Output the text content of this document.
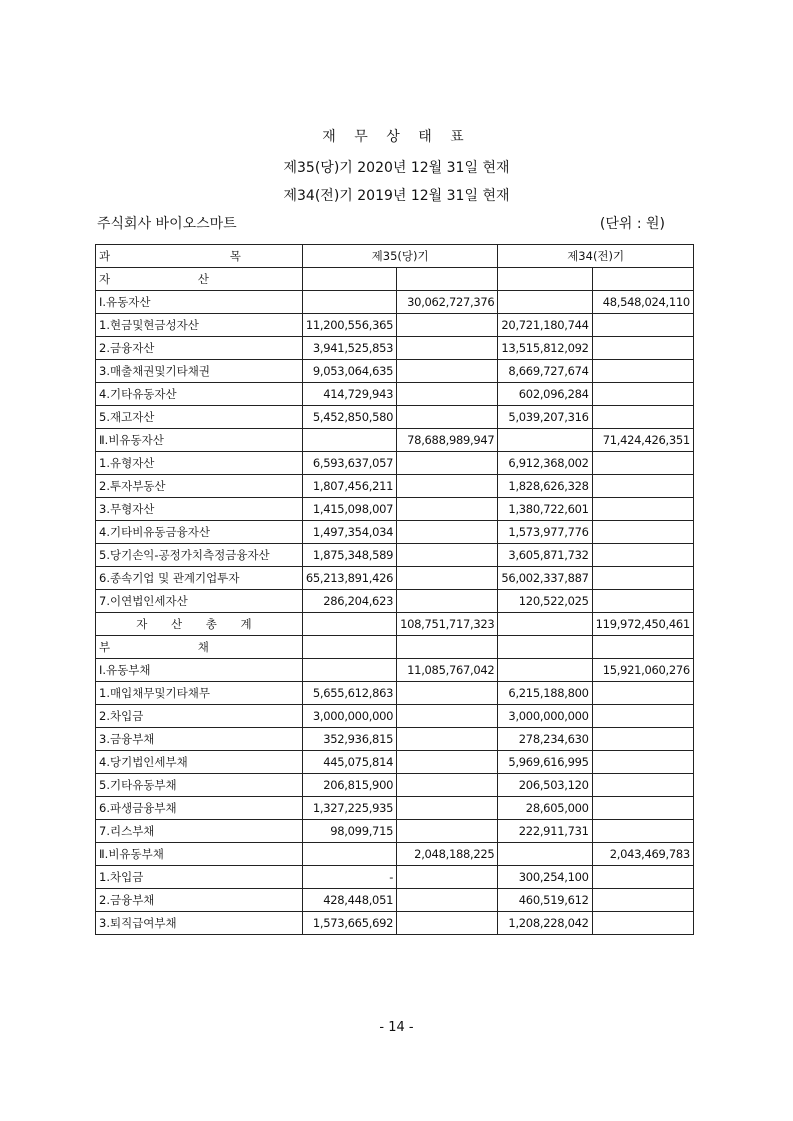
재 무 상 태 표
제35(당)기 2020년 12월 31일 현재
제34(전)기 2019년 12월 31일 현재
주식회사 바이오스마트	(단위 : 원)
과 목	제35(당)기		제34(전)기	
자 산				
Ⅰ.유동자산		30,062,727,376		48,548,024,110
1.현금및현금성자산	11,200,556,365		20,721,180,744	
2.금융자산	3,941,525,853		13,515,812,092	
3.매출채권및기타채권	9,053,064,635		8,669,727,674	
4.기타유동자산	414,729,943		602,096,284	
5.재고자산	5,452,850,580		5,039,207,316	
Ⅱ.비유동자산		78,688,989,947		71,424,426,351
1.유형자산	6,593,637,057		6,912,368,002	
2.투자부동산	1,807,456,211		1,828,626,328	
3.무형자산	1,415,098,007		1,380,722,601	
4.기타비유동금융자산	1,497,354,034		1,573,977,776	
5.당기손익-공정가치측정금융자산	1,875,348,589		3,605,871,732	
6.종속기업 및 관계기업투자	65,213,891,426		56,002,337,887	
7.이연법인세자산	286,204,623		120,522,025	
자 산 총 계		108,751,717,323		119,972,450,461
부 채				
Ⅰ.유동부채		11,085,767,042		15,921,060,276
1.매입채무및기타채무	5,655,612,863		6,215,188,800	
2.차입금	3,000,000,000		3,000,000,000	
3.금융부채	352,936,815		278,234,630	
4.당기법인세부채	445,075,814		5,969,616,995	
5.기타유동부채	206,815,900		206,503,120	
6.파생금융부채	1,327,225,935		28,605,000	
7.리스부채	98,099,715		222,911,731	
Ⅱ.비유동부채		2,048,188,225		2,043,469,783
1.차입금	-		300,254,100	
2.금융부채	428,448,051		460,519,612	
3.퇴직급여부채	1,573,665,692		1,208,228,042	
- 14 -
